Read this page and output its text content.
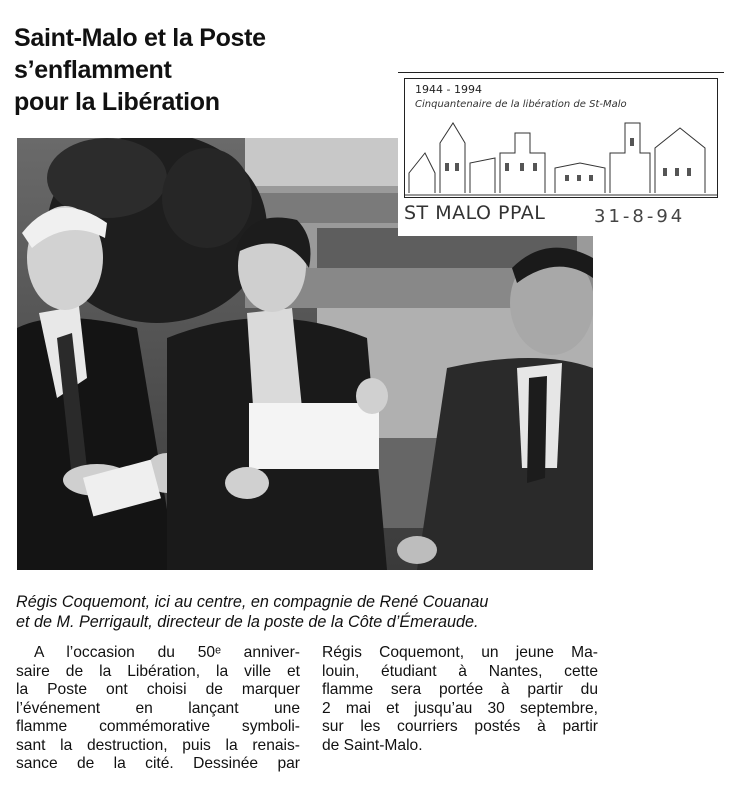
Saint-Malo et la Poste s’enflamment
pour la Libération	1944 - 1994
Cinquantenaire de la libération de St-Malo
ST MALO PPAL	31-8-94

Régis Coquemont, ici au centre, en compagnie de René Couanau
et de M. Perrigault, directeur de la poste de la Côte d’Émeraude.

A l’occasion du 50ᵉ anniver-
saire de la Libération, la ville et
la Poste ont choisi de marquer
l’événement en lançant une
flamme commémorative symboli-
sant la destruction, puis la renais-
sance de la cité. Dessinée par

Régis Coquemont, un jeune Ma-
louin, étudiant à Nantes, cette
flamme sera portée à partir du
2 mai et jusqu’au 30 septembre,
sur les courriers postés à partir
de Saint-Malo.
